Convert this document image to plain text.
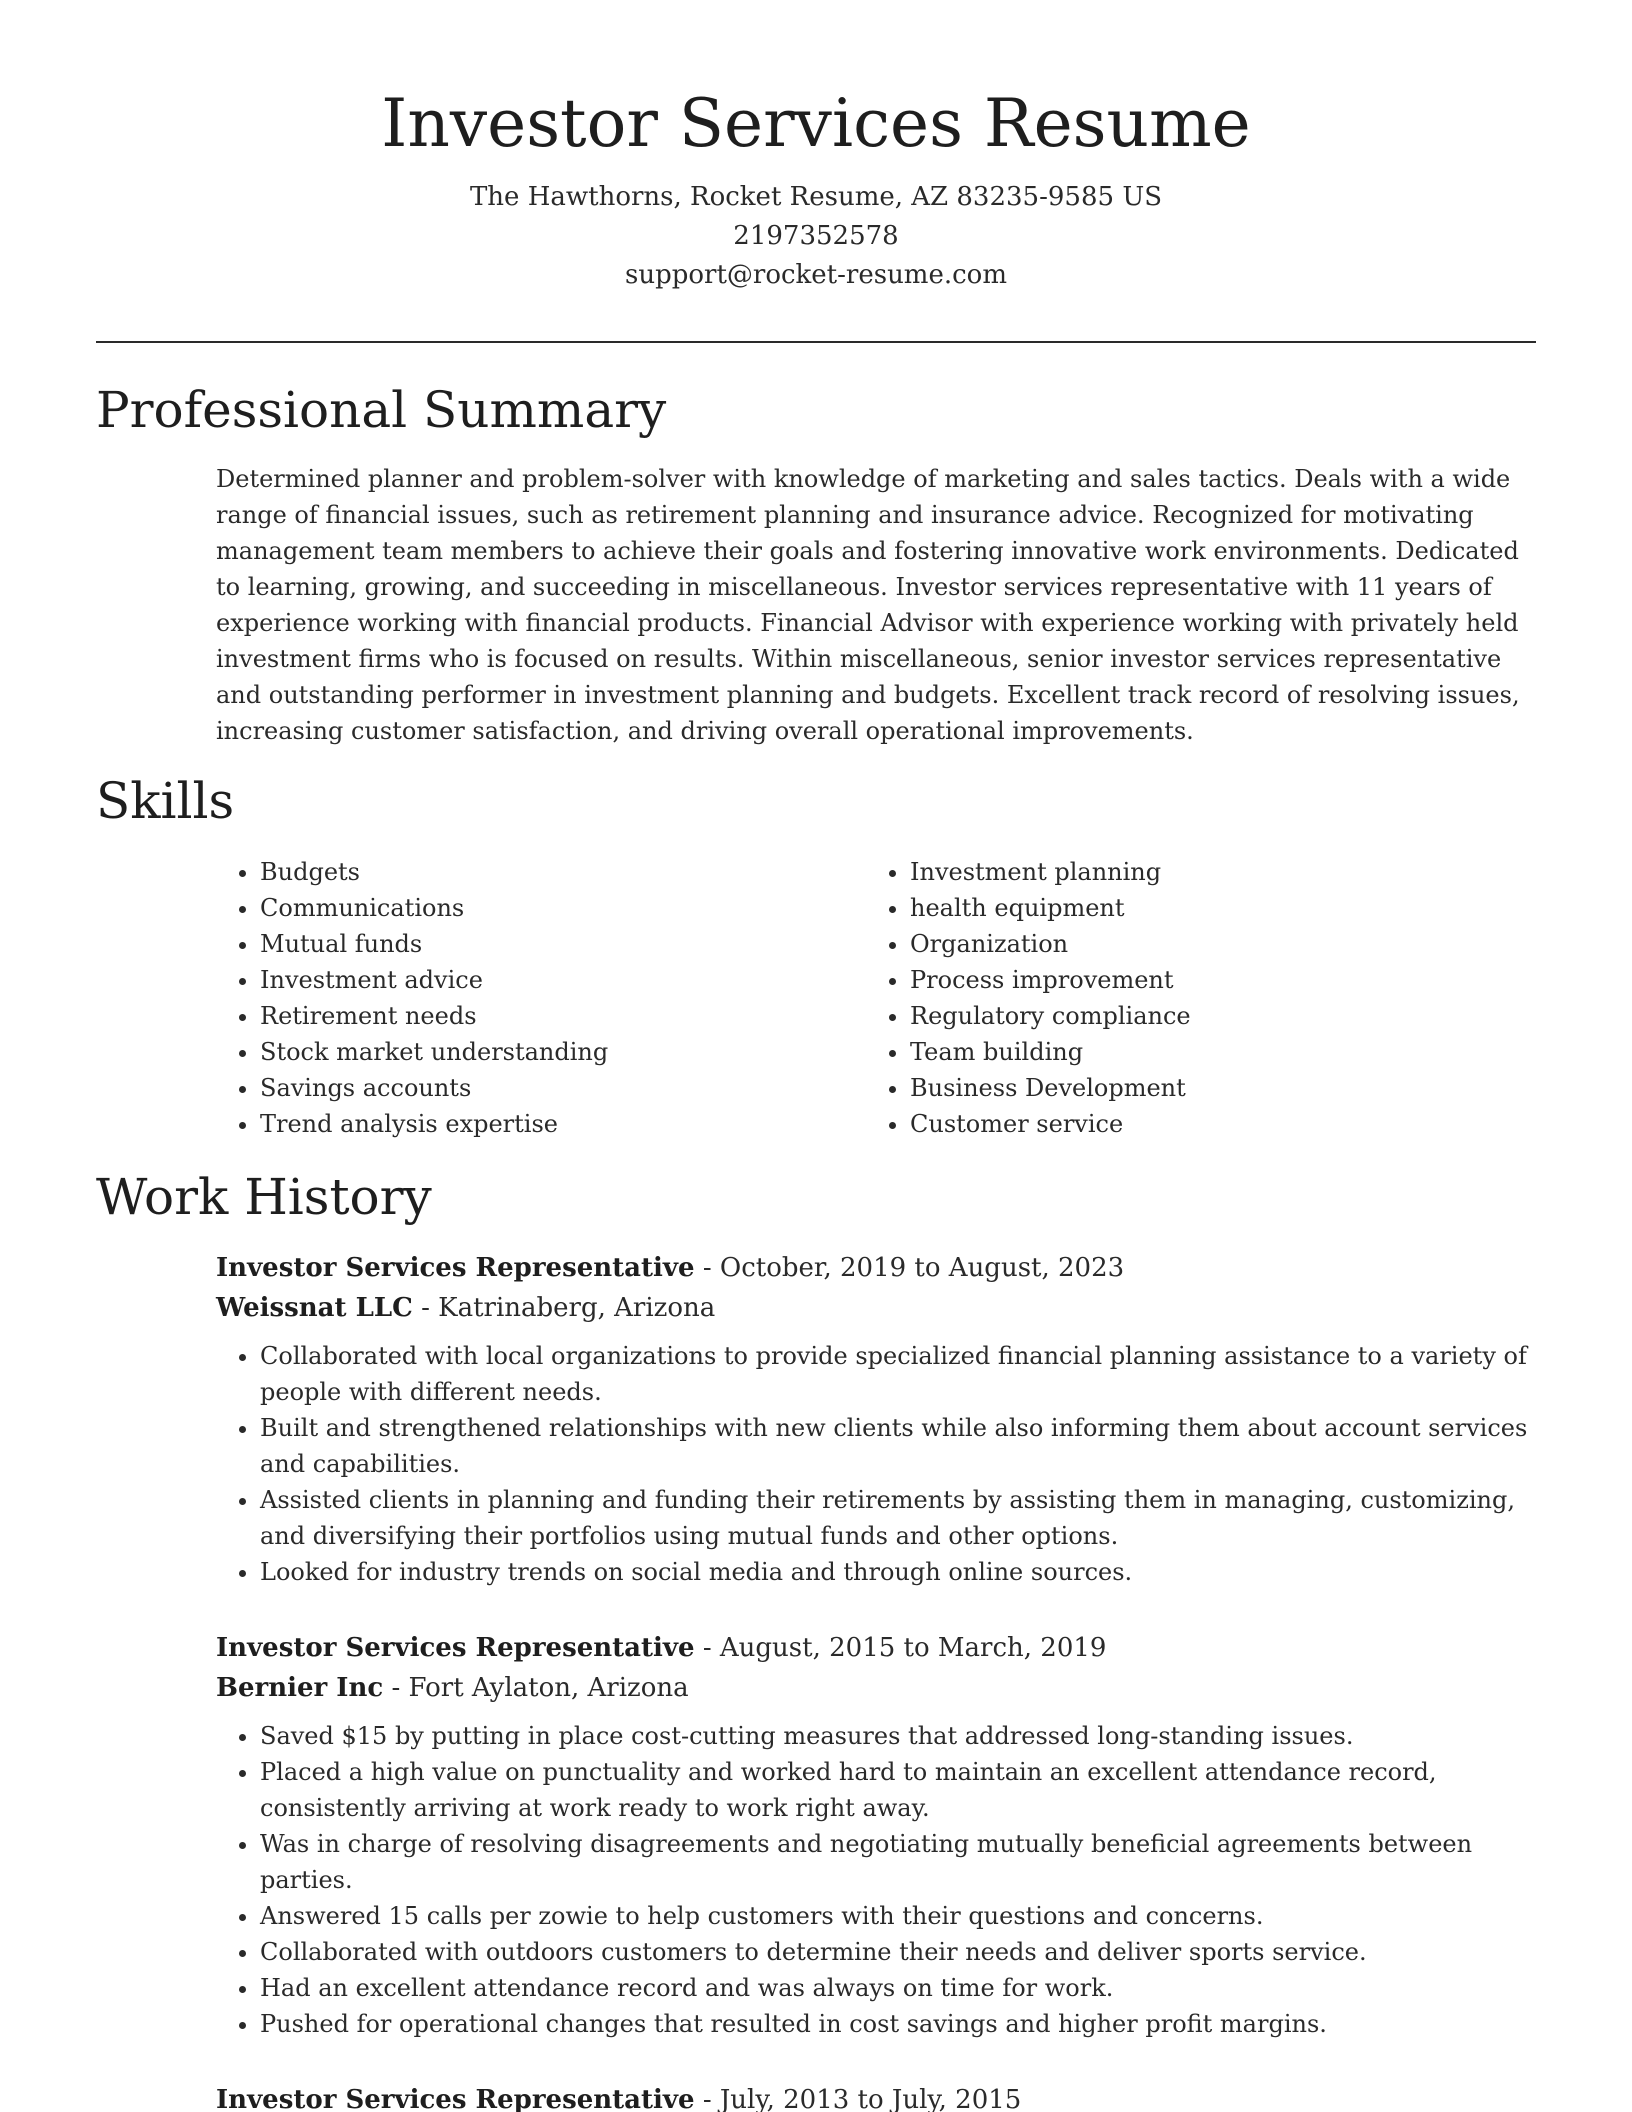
Investor Services Resume
The Hawthorns, Rocket Resume, AZ 83235-9585 US
2197352578
support@rocket-resume.com
Professional Summary

Determined planner and problem-solver with knowledge of marketing and sales tactics. Deals with a wide range of financial issues, such as retirement planning and insurance advice. Recognized for motivating management team members to achieve their goals and fostering innovative work environments. Dedicated to learning, growing, and succeeding in miscellaneous. Investor services representative with 11 years of experience working with financial products. Financial Advisor with experience working with privately held investment firms who is focused on results. Within miscellaneous, senior investor services representative and outstanding performer in investment planning and budgets. Excellent track record of resolving issues, increasing customer satisfaction, and driving overall operational improvements.

Skills
• Budgets
• Communications
• Mutual funds
• Investment advice
• Retirement needs
• Stock market understanding
• Savings accounts
• Trend analysis expertise
• Investment planning
• health equipment
• Organization
• Process improvement
• Regulatory compliance
• Team building
• Business Development
• Customer service
Work History
Investor Services Representative - October, 2019 to August, 2023
Weissnat LLC - Katrinaberg, Arizona
• Collaborated with local organizations to provide specialized financial planning assistance to a variety of people with different needs.
• Built and strengthened relationships with new clients while also informing them about account services and capabilities.
• Assisted clients in planning and funding their retirements by assisting them in managing, customizing, and diversifying their portfolios using mutual funds and other options.
• Looked for industry trends on social media and through online sources.
Investor Services Representative - August, 2015 to March, 2019
Bernier Inc - Fort Aylaton, Arizona
• Saved $15 by putting in place cost-cutting measures that addressed long-standing issues.
• Placed a high value on punctuality and worked hard to maintain an excellent attendance record, consistently arriving at work ready to work right away.
• Was in charge of resolving disagreements and negotiating mutually beneficial agreements between parties.
• Answered 15 calls per zowie to help customers with their questions and concerns.
• Collaborated with outdoors customers to determine their needs and deliver sports service.
• Had an excellent attendance record and was always on time for work.
• Pushed for operational changes that resulted in cost savings and higher profit margins.
Investor Services Representative - July, 2013 to July, 2015
